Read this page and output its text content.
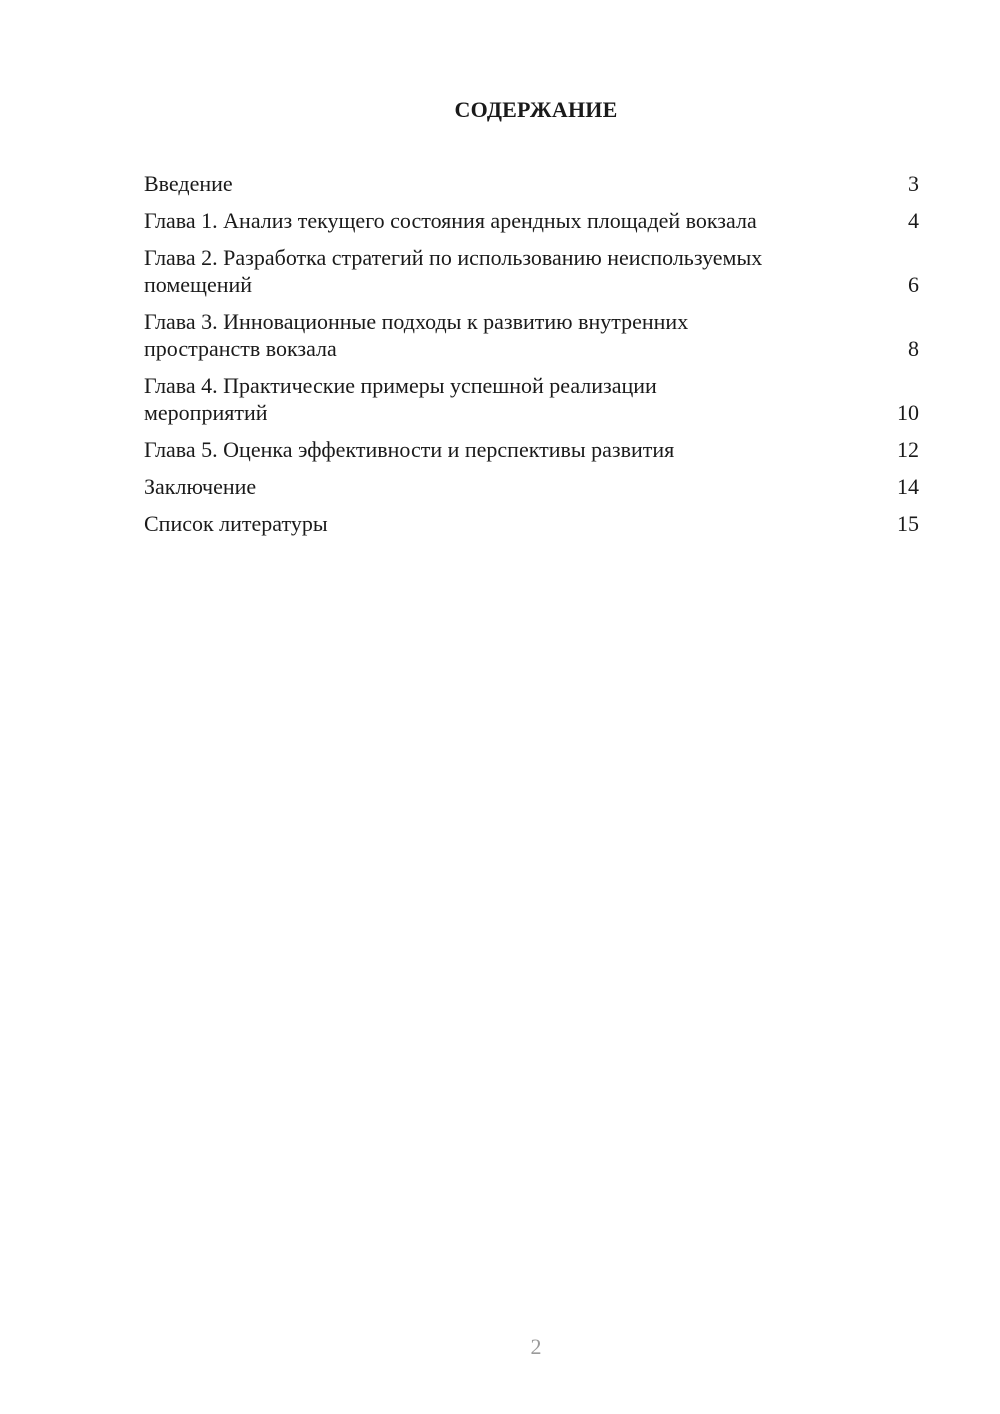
СОДЕРЖАНИЕ
Введение	3
Глава 1. Анализ текущего состояния арендных площадей вокзала	4
Глава 2. Разработка стратегий по использованию неиспользуемых помещений	6
Глава 3. Инновационные подходы к развитию внутренних пространств вокзала	8
Глава 4. Практические примеры успешной реализации мероприятий	10
Глава 5. Оценка эффективности и перспективы развития	12
Заключение	14
Список литературы	15
2
